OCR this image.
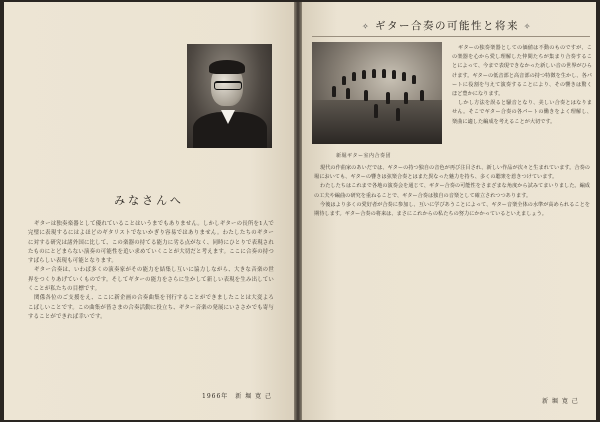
みなさんへ

ギターは独奏楽器として優れていることはいうまでもありません。しかしギターの長所を1人で完璧に表現するにはよほどのギタリストでないかぎり容易ではありません。わたしたちのギターに対する研究は諸外国に比して、この楽器の持てる能力に劣る点がなく、同時にひとりで表現されたものにとどまらない演奏の可能性を追い求めていくことが大切だと考えます。ここに合奏の持つすばらしい表現も可能となります。

ギター合奏は、いわば多くの演奏家がその能力を結集し互いに協力しながら、大きな音楽の世界をつくりあげていくものです。そしてギターの能力をさらに生かして新しい表現を生み出していくことが私たちの目標です。

関係各位のご支援をえ、ここに新企画の合奏曲集を刊行することができましたことは大変よろこばしいことです。この曲集が皆さまの合奏活動に役立ち、ギター音楽の発展にいささかでも寄与することができれば幸いです。

1966年　新 堀 寛 己
✧ ギター合奏の可能性と将来 ✧
新堀ギター室内合奏団

ギターの独奏楽器としての価値は不動のものですが、この楽器を心から愛し理解した仲間たちが集まり合奏することによって、今まで表現できなかった新しい音の世界がひらけます。ギターの低音部と高音部の持つ特徴を生かし、各パートに役割を与えて演奏することにより、その響きは驚くほど豊かになります。

しかし方法を誤ると騒音となり、美しい合奏とはなりません。そこでギター合奏の各パートの働きをよく理解し、楽曲に適した編成を考えることが大切です。

現代の作曲家のあいだでは、ギターの持つ独自の音色が再び注目され、新しい作品が次々と生まれています。合奏の場においても、ギターの響きは弦楽合奏とはまた異なった魅力を持ち、多くの聴衆を惹きつけています。

わたしたちはこれまで各地の演奏会を通じて、ギター合奏の可能性をさまざまな角度から試みてまいりました。編成の工夫や編曲の研究を重ねることで、ギター合奏は独自の音楽として確立されつつあります。

今後はより多くの愛好者が合奏に参加し、互いに学びあうことによって、ギター音楽全体の水準が高められることを期待します。ギター合奏の将来は、まさにこれからの私たちの努力にかかっているといえましょう。

新 堀 寛 己
